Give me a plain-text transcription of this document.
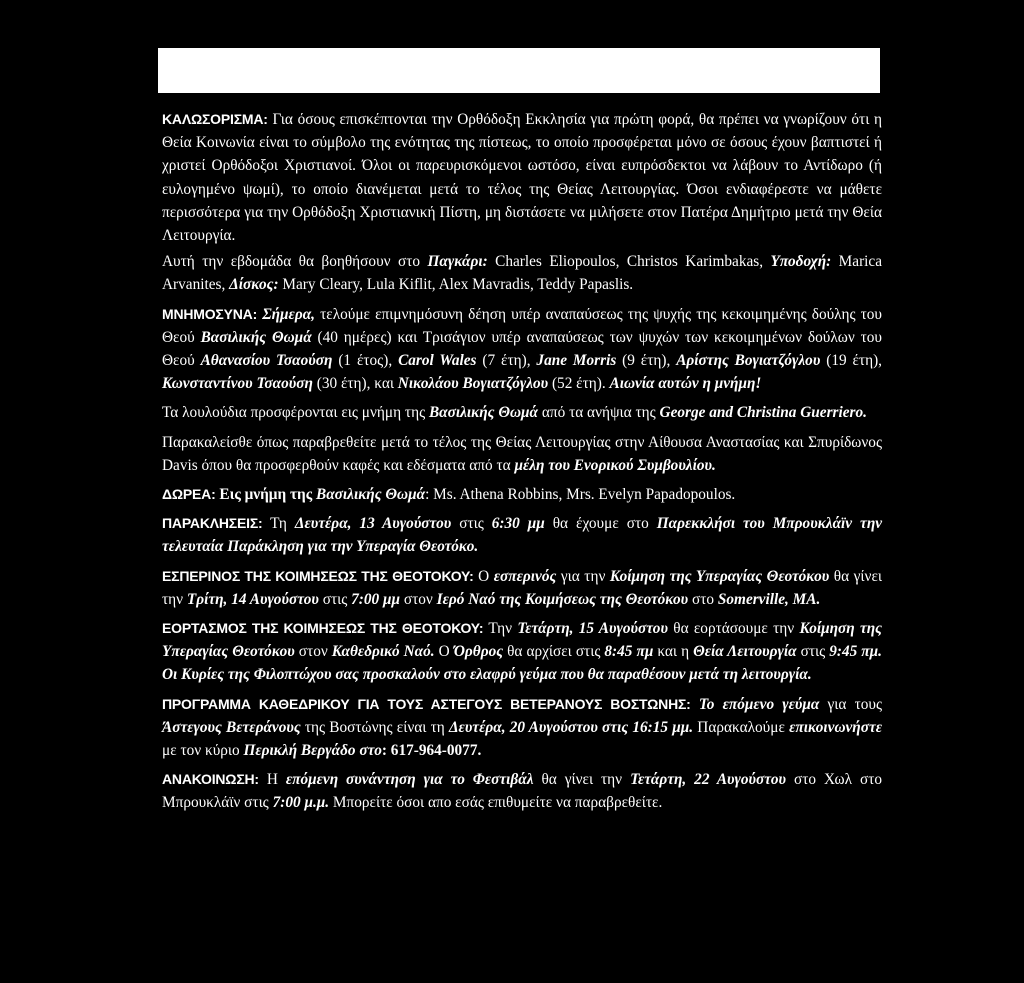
ΚΑΛΩΣΟΡΙΣΜΑ: Για όσους επισκέπτονται την Ορθόδοξη Εκκλησία για πρώτη φορά, θα πρέπει να γνωρίζουν ότι η Θεία Κοινωνία είναι το σύμβολο της ενότητας της πίστεως, το οποίο προσφέρεται μόνο σε όσους έχουν βαπτιστεί ή χριστεί Ορθόδοξοι Χριστιανοί. Όλοι οι παρευρισκόμενοι ωστόσο, είναι ευπρόσδεκτοι να λάβουν το Αντίδωρο (ή ευλογημένο ψωμί), το οποίο διανέμεται μετά το τέλος της Θείας Λειτουργίας. Όσοι ενδιαφέρεστε να μάθετε περισσότερα για την Ορθόδοξη Χριστιανική Πίστη, μη διστάσετε να μιλήσετε στον Πατέρα Δημήτριο μετά την Θεία Λειτουργία.

Αυτή την εβδομάδα θα βοηθήσουν στο Παγκάρι: Charles Eliopoulos, Christos Karimbakas, Υποδοχή: Marica Arvanites, Δίσκος: Mary Cleary, Lula Kiflit, Alex Mavradis, Teddy Papaslis.

ΜΝΗΜΟΣΥΝΑ: Σήμερα, τελούμε επιμνημόσυνη δέηση υπέρ αναπαύσεως της ψυχής της κεκοιμημένης δούλης του Θεού Βασιλικής Θωμά (40 ημέρες) και Τρισάγιον υπέρ αναπαύσεως των ψυχών των κεκοιμημένων δούλων του Θεού Αθανασίου Τσαούση (1 έτος), Carol Wales (7 έτη), Jane Morris (9 έτη), Αρίστης Βογιατζόγλου (19 έτη), Κωνσταντίνου Τσαούση (30 έτη), και Νικολάου Βογιατζόγλου (52 έτη). Αιωνία αυτών η μνήμη!

Τα λουλούδια προσφέρονται εις μνήμη της Βασιλικής Θωμά από τα ανήψια της George and Christina Guerriero.

Παρακαλείσθε όπως παραβρεθείτε μετά το τέλος της Θείας Λειτουργίας στην Αίθουσα Αναστασίας και Σπυρίδωνος Davis όπου θα προσφερθούν καφές και εδέσματα από τα μέλη του Ενορικού Συμβουλίου.

ΔΩΡΕΑ: Εις μνήμη της Βασιλικής Θωμά: Ms. Athena Robbins, Mrs. Evelyn Papadopoulos.

ΠΑΡΑΚΛΗΣΕΙΣ: Τη Δευτέρα, 13 Αυγούστου στις 6:30 μμ θα έχουμε στο Παρεκκλήσι του Μπρουκλάϊν την τελευταία Παράκληση για την Υπεραγία Θεοτόκο.

ΕΣΠΕΡΙΝΟΣ ΤΗΣ ΚΟΙΜΗΣΕΩΣ ΤΗΣ ΘΕΟΤΟΚΟΥ: Ο εσπερινός για την Κοίμηση της Υπεραγίας Θεοτόκου θα γίνει την Τρίτη, 14 Αυγούστου στις 7:00 μμ στον Ιερό Ναό της Κοιμήσεως της Θεοτόκου στο Somerville, MA.

ΕΟΡΤΑΣΜΟΣ ΤΗΣ ΚΟΙΜΗΣΕΩΣ ΤΗΣ ΘΕΟΤΟΚΟΥ: Την Τετάρτη, 15 Αυγούστου θα εορτάσουμε την Κοίμηση της Υπεραγίας Θεοτόκου στον Καθεδρικό Ναό. Ο Όρθρος θα αρχίσει στις 8:45 πμ και η Θεία Λειτουργία στις 9:45 πμ. Οι Κυρίες της Φιλοπτώχου σας προσκαλούν στο ελαφρύ γεύμα που θα παραθέσουν μετά τη λειτουργία.

ΠΡΟΓΡΑΜΜΑ ΚΑΘΕΔΡΙΚΟΥ ΓΙΑ ΤΟΥΣ ΑΣΤΕΓΟΥΣ ΒΕΤΕΡΑΝΟΥΣ ΒΟΣΤΩΝΗΣ: Το επόμενο γεύμα για τους Άστεγους Βετεράνους της Βοστώνης είναι τη Δευτέρα, 20 Αυγούστου στις 16:15 μμ. Παρακαλούμε επικοινωνήστε με τον κύριο Περικλή Βεργάδο στο: 617-964-0077.

ΑΝΑΚΟΙΝΩΣΗ: Η επόμενη συνάντηση για το Φεστιβάλ θα γίνει την Τετάρτη, 22 Αυγούστου στο Χωλ στο Μπρουκλάϊν στις 7:00 μ.μ. Μπορείτε όσοι απο εσάς επιθυμείτε να παραβρεθείτε.
